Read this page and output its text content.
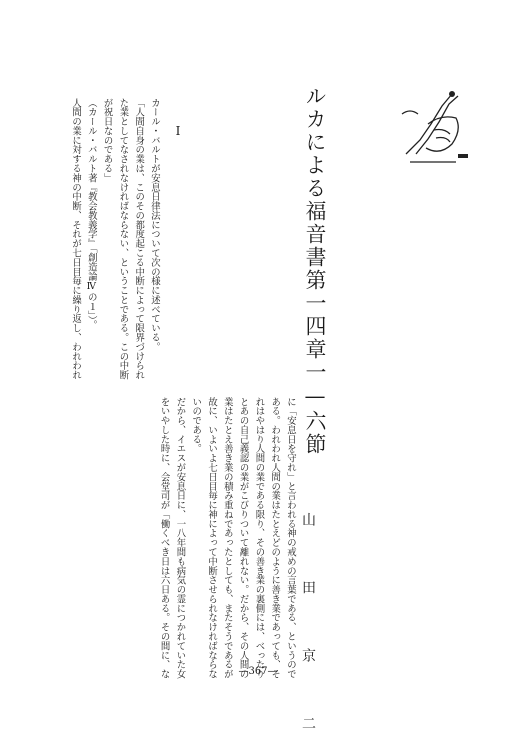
ルカによる福音書第一四章一—六節
山　田　京　二
I

カール・バルトが安息日律法について次の様に述べている。

「人間自身の業は、このその都度起こる中断によって限界づけられ

た業としてなされなければならない、ということである。この中断

が祝日なのである」

（カール・バルト著『教会教義学』「創造論Ⅳの１」）。

人間の業に対する神の中断、それが七日目毎に繰り返し、われわれ

に「安息日を守れ」と言われる神の戒めの言葉である、というので

ある。われわれ人間の業はたとえどのように善き業であっても、そ

れはやはり人間の業である限り、その善き業の裏側には、べったり

とあの自己義認の業がこびりついて離れない。だから、その人間の

業はたとえ善き業の積み重ねであったとしても、またそうであるが

故に、いよいよ七日目毎に神によって中断させられなければならな

いのである。

だから、イエスが安息日に、一八年間も病気の霊につかれていた女

をいやした時に、会堂司が「働くべき日は六日ある。その間に、な	—367—
